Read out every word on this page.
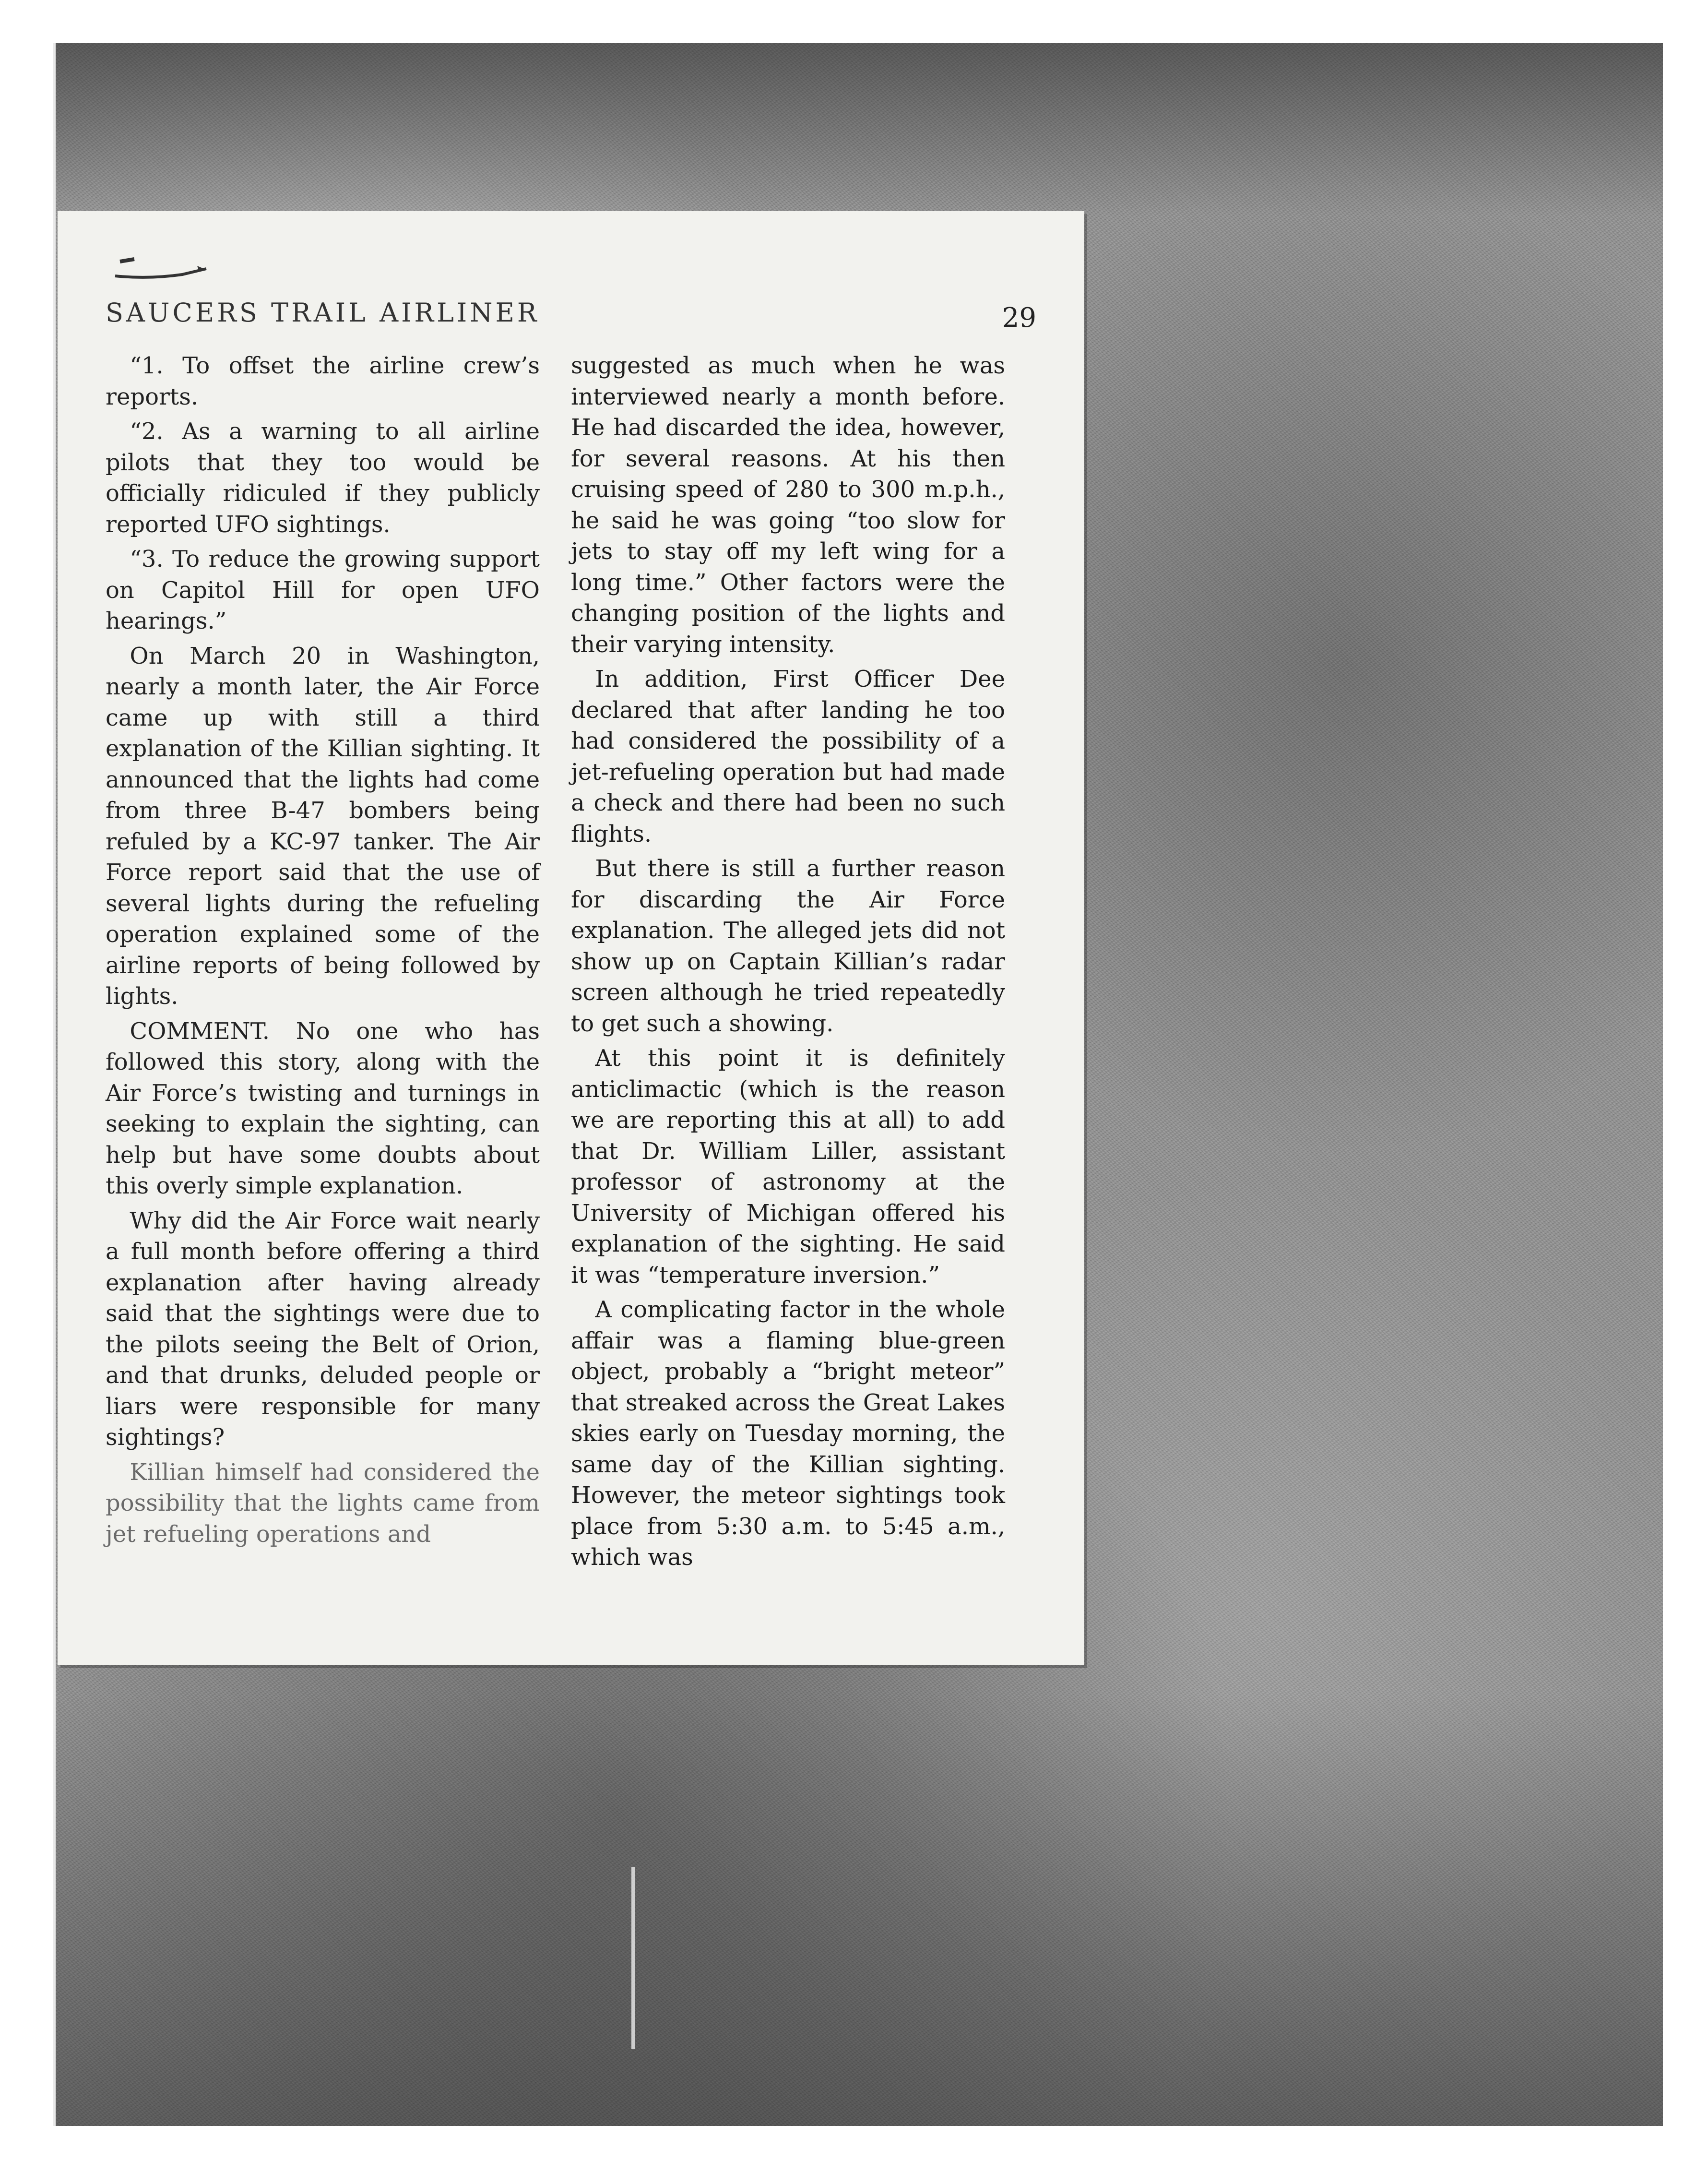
SAUCERS TRAIL AIRLINER	29

“1. To offset the airline crew’s reports.

“2. As a warning to all airline pilots that they too would be officially ridiculed if they publicly reported UFO sightings.

“3. To reduce the growing support on Capitol Hill for open UFO hearings.”

On March 20 in Washington, nearly a month later, the Air Force came up with still a third explanation of the Killian sighting. It announced that the lights had come from three B-47 bombers being refuled by a KC-97 tanker. The Air Force report said that the use of several lights during the refueling operation explained some of the airline reports of being followed by lights.

COMMENT. No one who has followed this story, along with the Air Force’s twisting and turnings in seeking to explain the sighting, can help but have some doubts about this overly simple explanation.

Why did the Air Force wait nearly a full month before offering a third explanation after having already said that the sightings were due to the pilots seeing the Belt of Orion, and that drunks, deluded people or liars were responsible for many sightings?

Killian himself had considered the possibility that the lights came from jet refueling operations and

suggested as much when he was interviewed nearly a month before. He had discarded the idea, however, for several reasons. At his then cruising speed of 280 to 300 m.p.h., he said he was going “too slow for jets to stay off my left wing for a long time.” Other factors were the changing position of the lights and their varying intensity.

In addition, First Officer Dee declared that after landing he too had considered the possibility of a jet-refueling operation but had made a check and there had been no such flights.

But there is still a further reason for discarding the Air Force explanation. The alleged jets did not show up on Captain Killian’s radar screen although he tried repeatedly to get such a showing.

At this point it is definitely anticlimactic (which is the reason we are reporting this at all) to add that Dr. William Liller, assistant professor of astronomy at the University of Michigan offered his explanation of the sighting. He said it was “temperature inversion.”

A complicating factor in the whole affair was a flaming blue-green object, probably a “bright meteor” that streaked across the Great Lakes skies early on Tuesday morning, the same day of the Killian sighting. However, the meteor sightings took place from 5:30 a.m. to 5:45 a.m., which was
